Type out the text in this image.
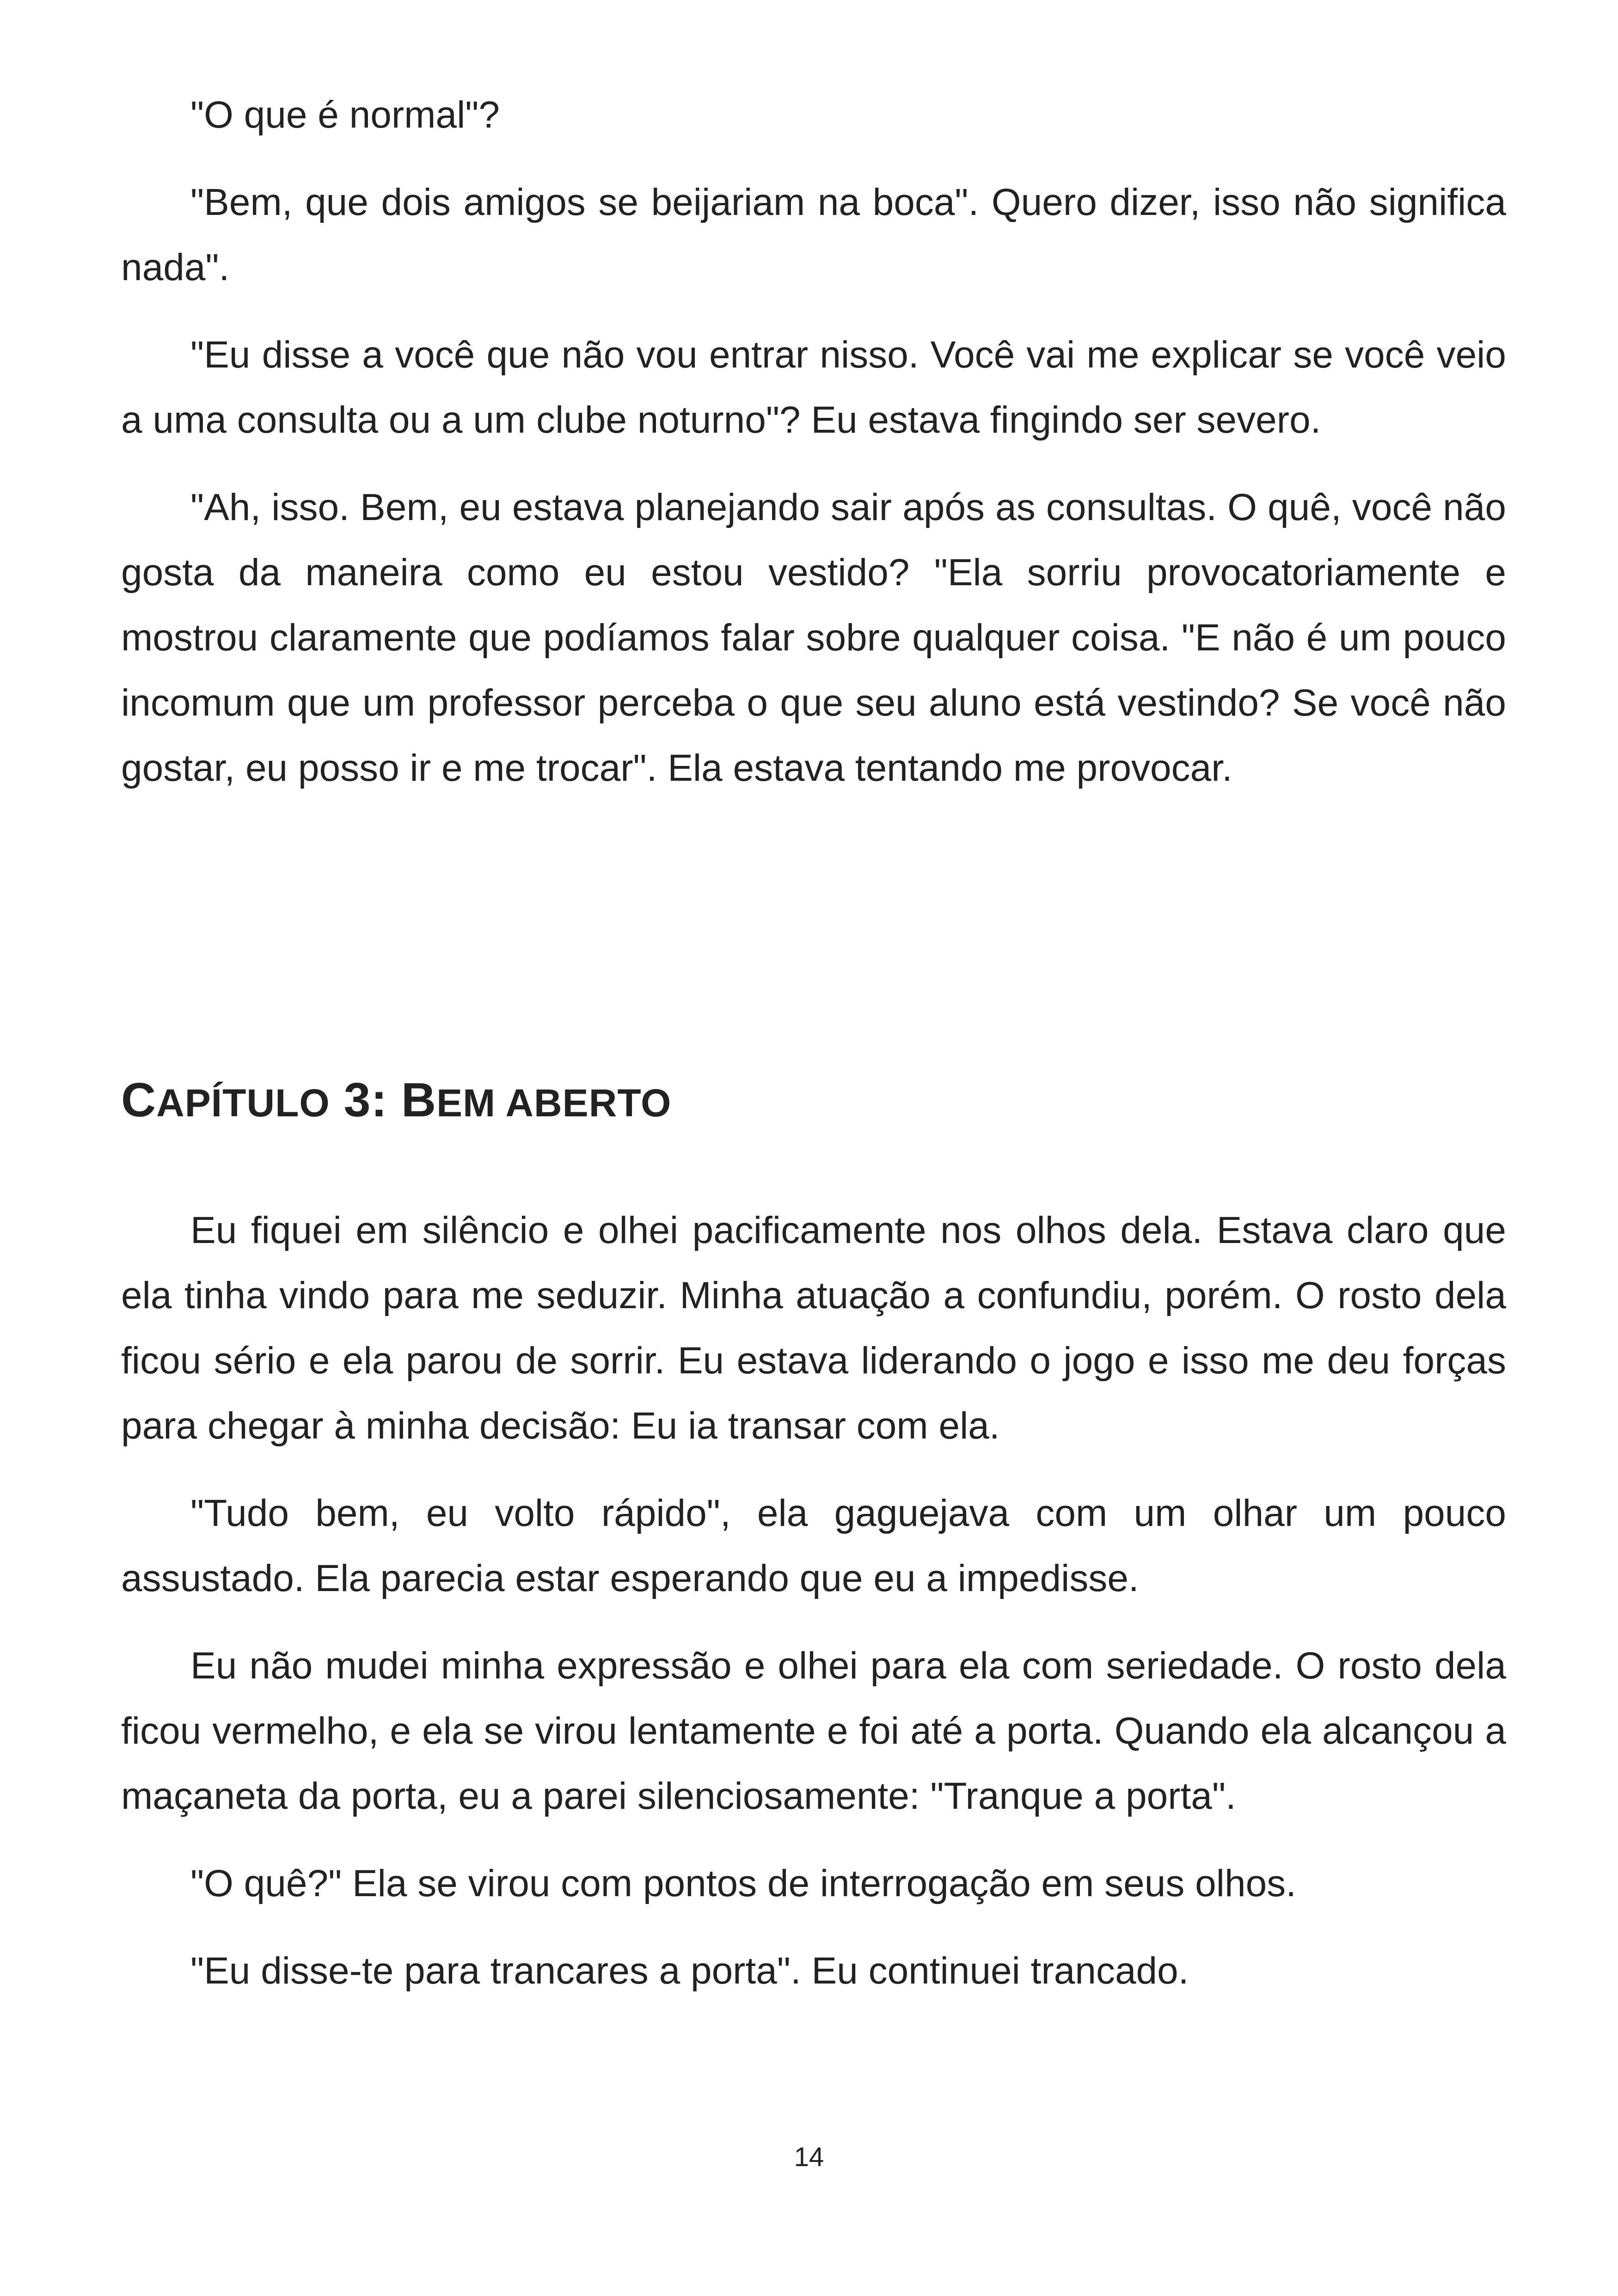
"O que é normal"?

"Bem, que dois amigos se beijariam na boca". Quero dizer, isso não significa nada".

"Eu disse a você que não vou entrar nisso. Você vai me explicar se você veio a uma consulta ou a um clube noturno"? Eu estava fingindo ser severo.

"Ah, isso. Bem, eu estava planejando sair após as consultas. O quê, você não gosta da maneira como eu estou vestido? "Ela sorriu provocatoriamente e mostrou claramente que podíamos falar sobre qualquer coisa. "E não é um pouco incomum que um professor perceba o que seu aluno está vestindo? Se você não gostar, eu posso ir e me trocar". Ela estava tentando me provocar.

CAPÍTULO 3: BEM ABERTO

Eu fiquei em silêncio e olhei pacificamente nos olhos dela. Estava claro que ela tinha vindo para me seduzir. Minha atuação a confundiu, porém. O rosto dela ficou sério e ela parou de sorrir. Eu estava liderando o jogo e isso me deu forças para chegar à minha decisão: Eu ia transar com ela.

"Tudo bem, eu volto rápido", ela gaguejava com um olhar um pouco assustado. Ela parecia estar esperando que eu a impedisse.

Eu não mudei minha expressão e olhei para ela com seriedade. O rosto dela ficou vermelho, e ela se virou lentamente e foi até a porta. Quando ela alcançou a maçaneta da porta, eu a parei silenciosamente: "Tranque a porta".

"O quê?" Ela se virou com pontos de interrogação em seus olhos.

"Eu disse-te para trancares a porta". Eu continuei trancado.

14
